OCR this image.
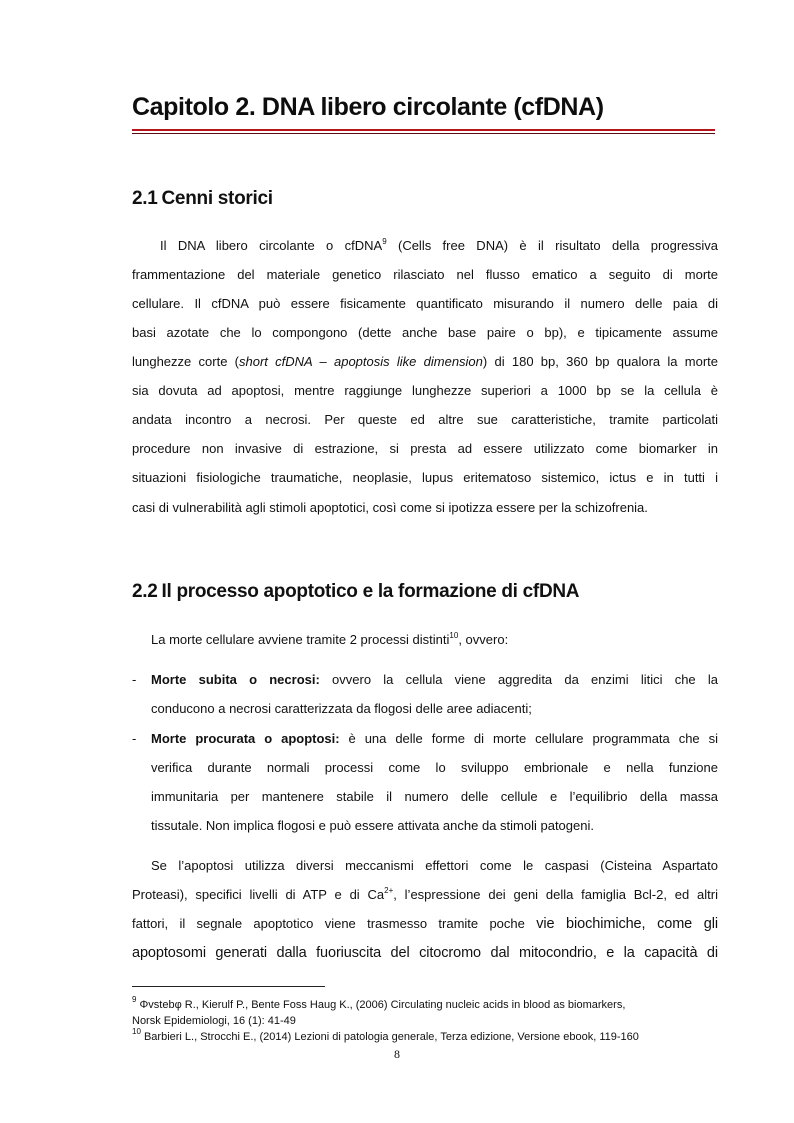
Capitolo 2. DNA libero circolante (cfDNA)
2.1 Cenni storici
Il DNA libero circolante o cfDNA$^9$ (Cells free DNA) è il risultato della progressiva
frammentazione del materiale genetico rilasciato nel flusso ematico a seguito di morte
cellulare. Il cfDNA può essere fisicamente quantificato misurando il numero delle paia di
basi azotate che lo compongono (dette anche base paire o bp), e tipicamente assume
lunghezze corte (short cfDNA – apoptosis like dimension) di 180 bp, 360 bp qualora la morte
sia dovuta ad apoptosi, mentre raggiunge lunghezze superiori a 1000 bp se la cellula è
andata incontro a necrosi. Per queste ed altre sue caratteristiche, tramite particolati
procedure non invasive di estrazione, si presta ad essere utilizzato come biomarker in
situazioni fisiologiche traumatiche, neoplasie, lupus eritematoso sistemico, ictus e in tutti i
casi di vulnerabilità agli stimoli apoptotici, così come si ipotizza essere per la schizofrenia.
2.2 Il processo apoptotico e la formazione di cfDNA
La morte cellulare avviene tramite 2 processi distinti$^{10}$, ovvero:
- Morte subita o necrosi: ovvero la cellula viene aggredita da enzimi litici che la
conducono a necrosi caratterizzata da flogosi delle aree adiacenti;
- Morte procurata o apoptosi: è una delle forme di morte cellulare programmata che si
verifica durante normali processi come lo sviluppo embrionale e nella funzione
immunitaria per mantenere stabile il numero delle cellule e l’equilibrio della massa
tissutale. Non implica flogosi e può essere attivata anche da stimoli patogeni.
Se l’apoptosi utilizza diversi meccanismi effettori come le caspasi (Cisteina Aspartato
Proteasi), specifici livelli di ATP e di $Ca^{2+}$, l’espressione dei geni della famiglia Bcl-2, ed altri
fattori, il segnale apoptotico viene trasmesso tramite poche vie biochimiche, come gli
apoptosomi generati dalla fuoriuscita del citocromo dal mitocondrio, e la capacità di
$^9$ Φvstebφ R., Kierulf P., Bente Foss Haug K., (2006) Circulating nucleic acids in blood as biomarkers,
Norsk Epidemiologi, 16 (1): 41-49
$^{10}$ Barbieri L., Strocchi E., (2014) Lezioni di patologia generale, Terza edizione, Versione ebook, 119-160
8
